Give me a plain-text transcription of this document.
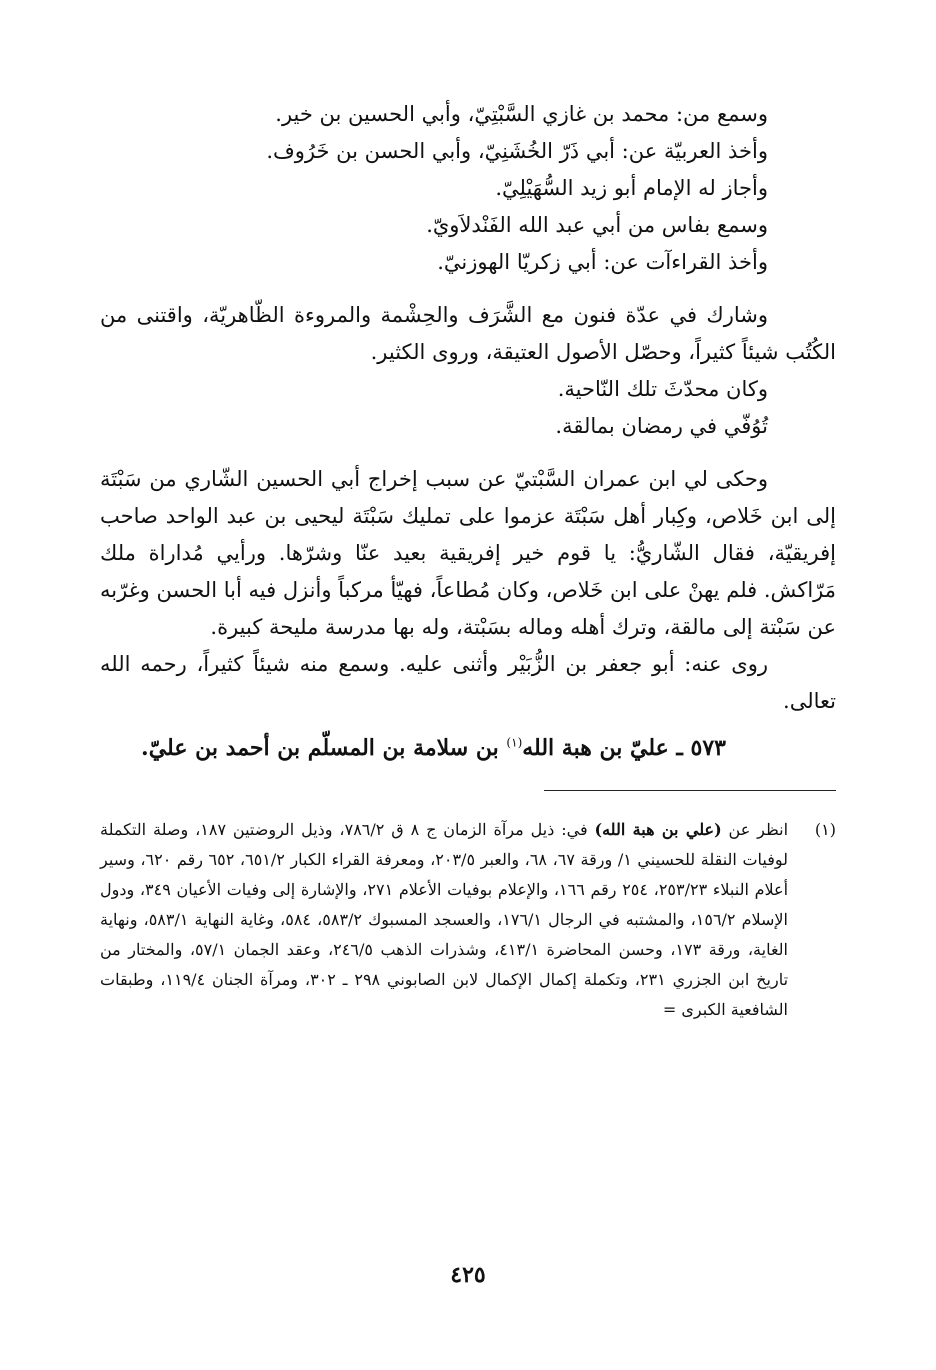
وسمع من: محمد بن غازي السَّبْتِيّ، وأبي الحسين بن خير.
وأخذ العربيّة عن: أبي ذَرّ الخُشَنِيّ، وأبي الحسن بن خَرُوف.
وأجاز له الإمام أبو زيد السُّهَيْلِيّ.
وسمع بفاس من أبي عبد الله الفَنْدلاَويّ.
وأخذ القراءآت عن: أبي زكريّا الهوزنيّ.

وشارك في عدّة فنون مع الشَّرَف والحِشْمة والمروءة الظّاهريّة، واقتنى من الكُتُب شيئاً كثيراً، وحصّل الأصول العتيقة، وروى الكثير.

وكان محدّثَ تلك النّاحية.
تُوُفّي في رمضان بمالقة.

وحكى لي ابن عمران السَّبْتيّ عن سبب إخراج أبي الحسين الشّاري من سَبْتَة إلى ابن خَلاص، وكِبار أهل سَبْتَة عزموا على تمليك سَبْتَة ليحيى بن عبد الواحد صاحب إفريقيّة، فقال الشّاريُّ: يا قوم خير إفريقية بعيد عنّا وشرّها. ورأيي مُداراة ملك مَرّاكش. فلم يهنْ على ابن خَلاص، وكان مُطاعاً، فهيّأ مركباً وأنزل فيه أبا الحسن وغرّبه عن سَبْتة إلى مالقة، وترك أهله وماله بسَبْتة، وله بها مدرسة مليحة كبيرة.

روى عنه: أبو جعفر بن الزُّبَيْر وأثنى عليه. وسمع منه شيئاً كثيراً، رحمه الله تعالى.

٥٧٣ ـ عليّ بن هبة الله$^{(١)}$ بن سلامة بن المسلّم بن أحمد بن عليّ.
(١)
انظر عن (علي بن هبة الله) في: ذيل مرآة الزمان ج ٨ ق ٧٨٦/٢، وذيل الروضتين ١٨٧، وصلة التكملة لوفيات النقلة للحسيني ١/ ورقة ٦٧، ٦٨، والعبر ٢٠٣/٥، ومعرفة القراء الكبار ٦٥١/٢، ٦٥٢ رقم ٦٢٠، وسير أعلام النبلاء ٢٥٣/٢٣، ٢٥٤ رقم ١٦٦، والإعلام بوفيات الأعلام ٢٧١، والإشارة إلى وفيات الأعيان ٣٤٩، ودول الإسلام ١٥٦/٢، والمشتبه في الرجال ١٧٦/١، والعسجد المسبوك ٥٨٣/٢، ٥٨٤، وغاية النهاية ٥٨٣/١، ونهاية الغاية، ورقة ١٧٣، وحسن المحاضرة ٤١٣/١، وشذرات الذهب ٢٤٦/٥، وعقد الجمان ٥٧/١، والمختار من تاريخ ابن الجزري ٢٣١، وتكملة إكمال الإكمال لابن الصابوني ٢٩٨ ـ ٣٠٢، ومرآة الجنان ١١٩/٤، وطبقات الشافعية الكبرى =
٤٢٥
